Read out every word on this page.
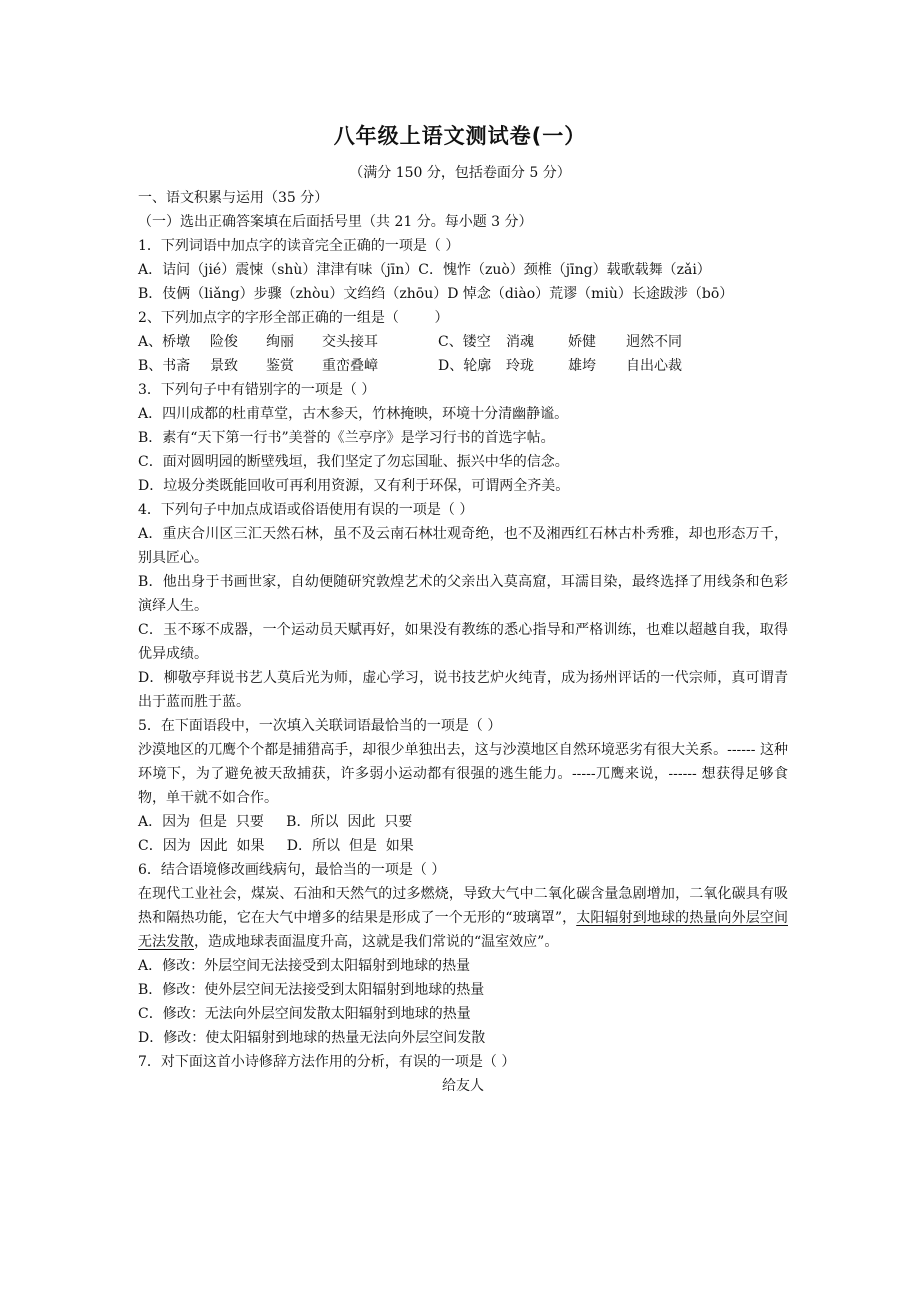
八年级上语文测试卷(一）
（满分 150 分，包括卷面分 5 分）
一、语文积累与运用（35 分）
（一）选出正确答案填在后面括号里（共 21 分。每小题 3 分）
1．下列词语中加点字的读音完全正确的一项是（ ）
A．诘问（jié）震悚（shù）津津有味（jīn）C．愧怍（zuò）颈椎（jīng）载歌载舞（zǎi）
B．伎俩（liǎng）步骤（zhòu）文绉绉（zhōu）D 悼念（diào）荒谬（miù）长途跋涉（bō）
2、下列加点字的字形全部正确的一组是（        ）
A、桥墩	险俊	绚丽	交头接耳	C、镂空	消魂	娇健	迥然不同
B、书斋	景致	鉴赏	重峦叠嶂	D、轮廓	玲珑	雄垮	自出心裁
3．下列句子中有错别字的一项是（ ）
A．四川成都的杜甫草堂，古木参天，竹林掩映，环境十分清幽静谧。
B．素有“天下第一行书”美誉的《兰亭序》是学习行书的首选字帖。
C．面对圆明园的断壁残垣，我们坚定了勿忘国耻、振兴中华的信念。
D．垃圾分类既能回收可再利用资源，又有利于环保，可谓两全齐美。
4．下列句子中加点成语或俗语使用有误的一项是（ ）
A．重庆合川区三汇天然石林，虽不及云南石林壮观奇绝，也不及湘西红石林古朴秀雅，却也形态万千，别具匠心。
B．他出身于书画世家，自幼便随研究敦煌艺术的父亲出入莫高窟，耳濡目染，最终选择了用线条和色彩演绎人生。
C．玉不琢不成器，一个运动员天赋再好，如果没有教练的悉心指导和严格训练，也难以超越自我，取得优异成绩。
D．柳敬亭拜说书艺人莫后光为师，虚心学习，说书技艺炉火纯青，成为扬州评话的一代宗师，真可谓青出于蓝而胜于蓝。
5．在下面语段中，一次填入关联词语最恰当的一项是（ ）
沙漠地区的兀鹰个个都是捕猎高手，却很少单独出去，这与沙漠地区自然环境恶劣有很大关系。------ 这种环境下，为了避免被天敌捕获，许多弱小运动都有很强的逃生能力。-----兀鹰来说，------ 想获得足够食物，单干就不如合作。
A．因为  但是  只要     B．所以  因此  只要
C．因为  因此  如果     D．所以  但是  如果
6．结合语境修改画线病句，最恰当的一项是（ ）
在现代工业社会，煤炭、石油和天然气的过多燃烧，导致大气中二氧化碳含量急剧增加，二氧化碳具有吸热和隔热功能，它在大气中增多的结果是形成了一个无形的“玻璃罩”，太阳辐射到地球的热量向外层空间无法发散，造成地球表面温度升高，这就是我们常说的“温室效应”。
A．修改：外层空间无法接受到太阳辐射到地球的热量
B．修改：使外层空间无法接受到太阳辐射到地球的热量
C．修改：无法向外层空间发散太阳辐射到地球的热量
D．修改：使太阳辐射到地球的热量无法向外层空间发散
7．对下面这首小诗修辞方法作用的分析，有误的一项是（ ）
给友人
